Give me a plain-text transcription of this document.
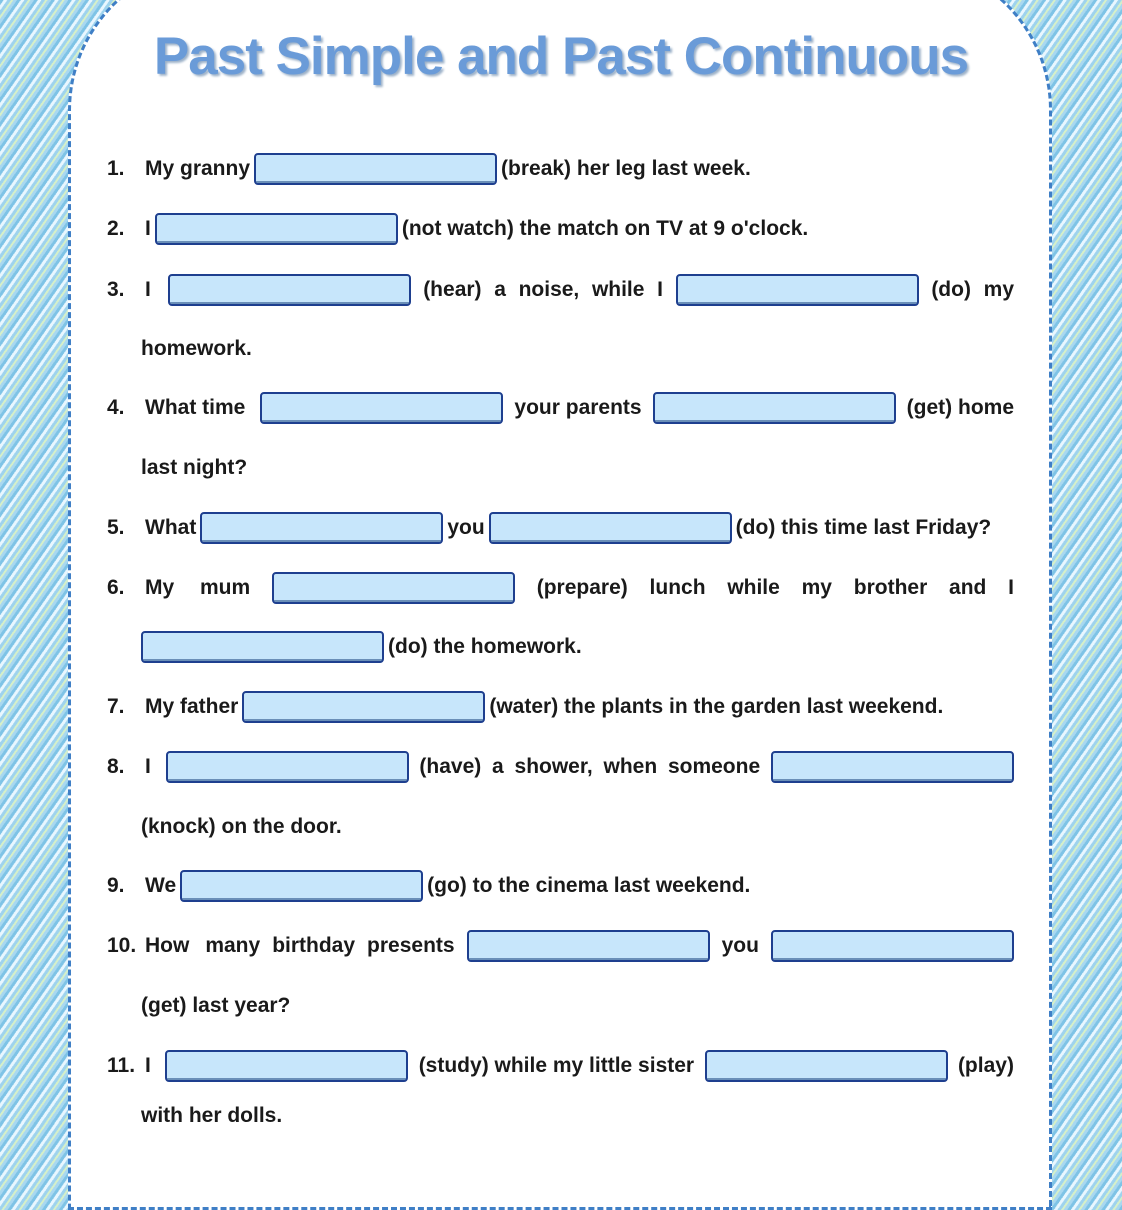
Past Simple and Past Continuous
1. My granny	(break) her leg last week.
2. I	(not watch) the match on TV at 9 o'clock.
3. I	(hear) a noise, while I	(do) my
homework.
4. What time	your parents	(get) home
last night?
5. What	you	(do) this time last Friday?
6. My mum	(prepare) lunch while my brother and I
(do) the homework.
7. My father	(water) the plants in the garden last weekend.
8. I	(have) a shower, when someone
(knock) on the door.
9. We	(go) to the cinema last weekend.
10. How many birthday presents	you
(get) last year?
11. I	(study) while my little sister	(play)
with her dolls.
